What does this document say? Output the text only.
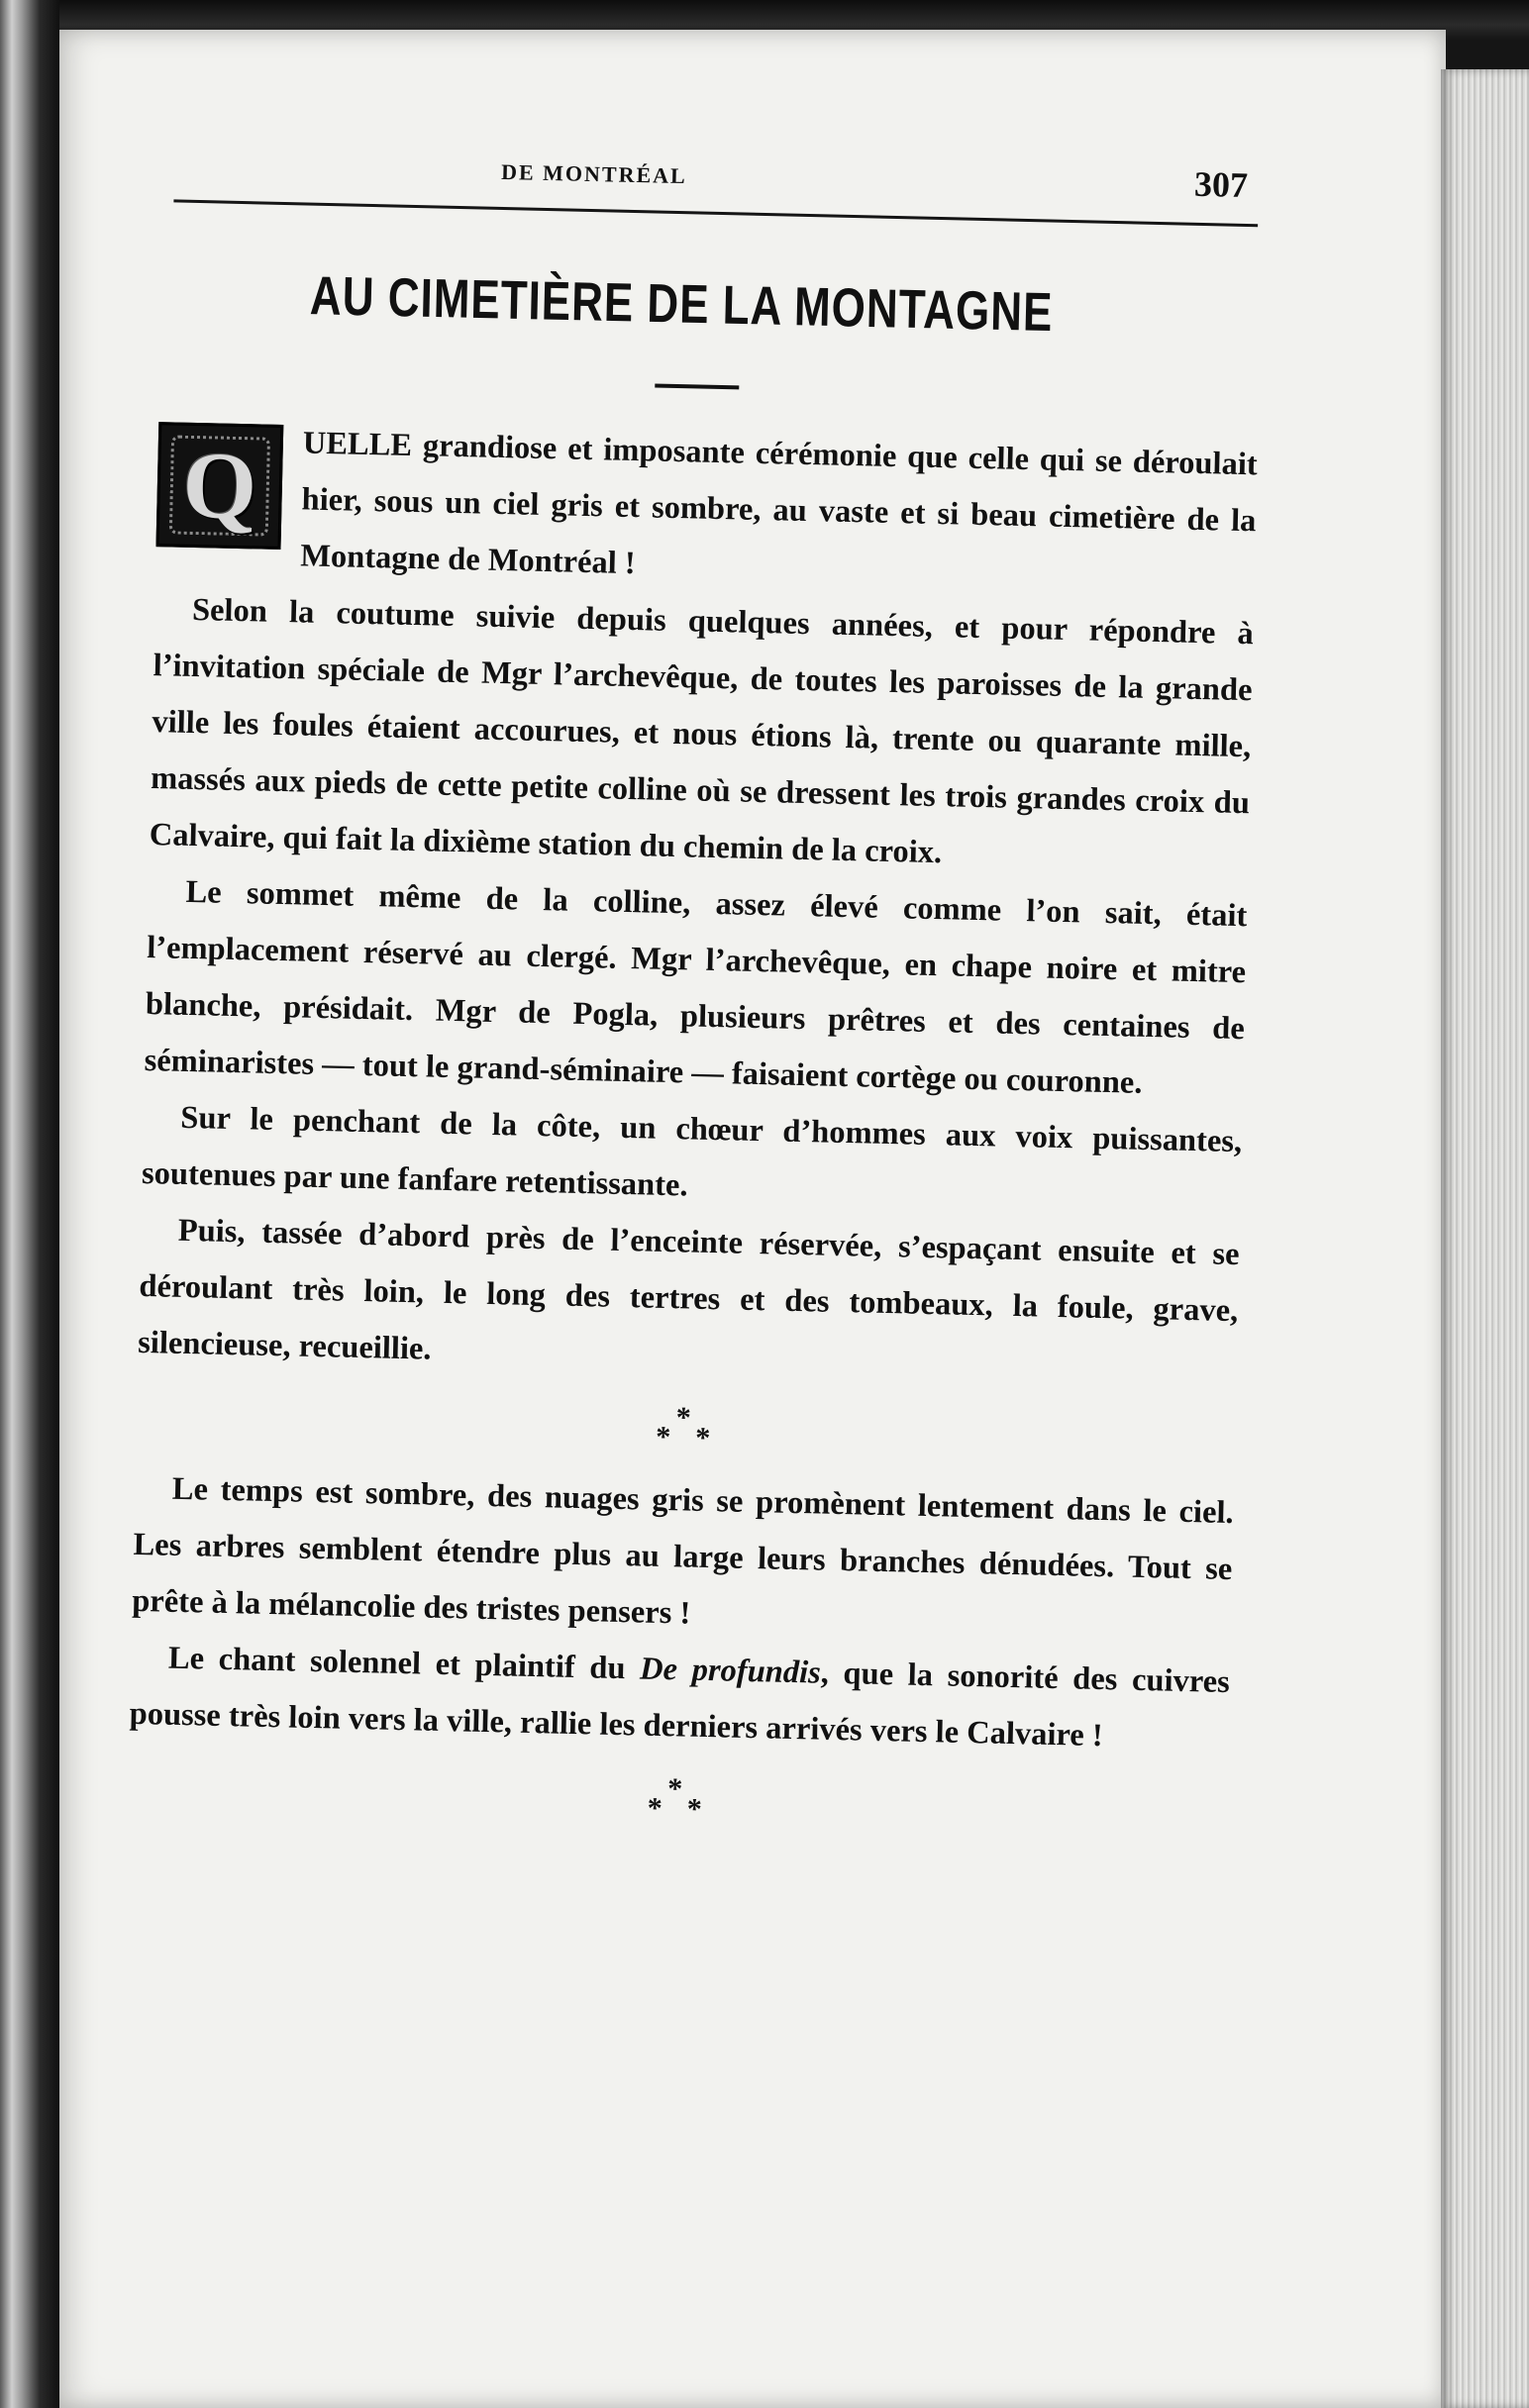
DE MONTRÉAL	307
AU CIMETIÈRE DE LA MONTAGNE

Q UELLE grandiose et imposante cérémonie que celle qui se déroulait hier, sous un ciel gris et sombre, au vaste et si beau cimetière de la Montagne de Montréal !

Selon la coutume suivie depuis quelques années, et pour répondre à l’invitation spéciale de Mgr l’archevêque, de toutes les paroisses de la grande ville les foules étaient accourues, et nous étions là, trente ou quarante mille, massés aux pieds de cette petite colline où se dressent les trois grandes croix du Calvaire, qui fait la dixième station du chemin de la croix.

Le sommet même de la colline, assez élevé comme l’on sait, était l’emplacement réservé au clergé. Mgr l’archevêque, en chape noire et mitre blanche, présidait. Mgr de Pogla, plusieurs prêtres et des centaines de séminaristes — tout le grand-séminaire — faisaient cortège ou couronne.

Sur le penchant de la côte, un chœur d’hommes aux voix puissantes, soutenues par une fanfare retentissante.

Puis, tassée d’abord près de l’enceinte réservée, s’espaçant ensuite et se déroulant très loin, le long des tertres et des tombeaux, la foule, grave, silencieuse, recueillie.

*
* *

Le temps est sombre, des nuages gris se promènent lentement dans le ciel. Les arbres semblent étendre plus au large leurs branches dénudées. Tout se prête à la mélancolie des tristes pensers !

Le chant solennel et plaintif du De profundis, que la sonorité des cuivres pousse très loin vers la ville, rallie les derniers arrivés vers le Calvaire !

*
* *
